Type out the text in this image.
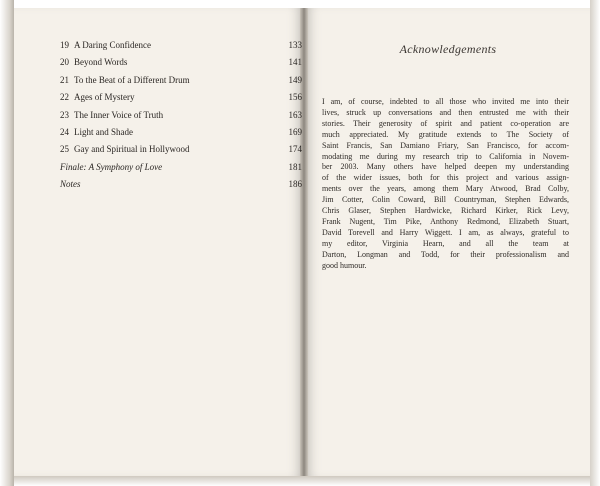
19 A Daring Confidence	133
20 Beyond Words	141
21 To the Beat of a Different Drum	149
22 Ages of Mystery	156
23 The Inner Voice of Truth	163
24 Light and Shade	169
25 Gay and Spiritual in Hollywood	174
Finale: A Symphony of Love	181
Notes	186
Acknowledgements

I am, of course, indebted to all those who invited me into their
lives, struck up conversations and then entrusted me with their
stories. Their generosity of spirit and patient co-operation are
much appreciated. My gratitude extends to The Society of
Saint Francis, San Damiano Friary, San Francisco, for accom-
modating me during my research trip to California in Novem-
ber 2003. Many others have helped deepen my understanding
of the wider issues, both for this project and various assign-
ments over the years, among them Mary Atwood, Brad Colby,
Jim Cotter, Colin Coward, Bill Countryman, Stephen Edwards,
Chris Glaser, Stephen Hardwicke, Richard Kirker, Rick Levy,
Frank Nugent, Tim Pike, Anthony Redmond, Elizabeth Stuart,
David Torevell and Harry Wiggett. I am, as always, grateful to
my editor, Virginia Hearn, and all the team at
Darton, Longman and Todd, for their professionalism and
good humour.
